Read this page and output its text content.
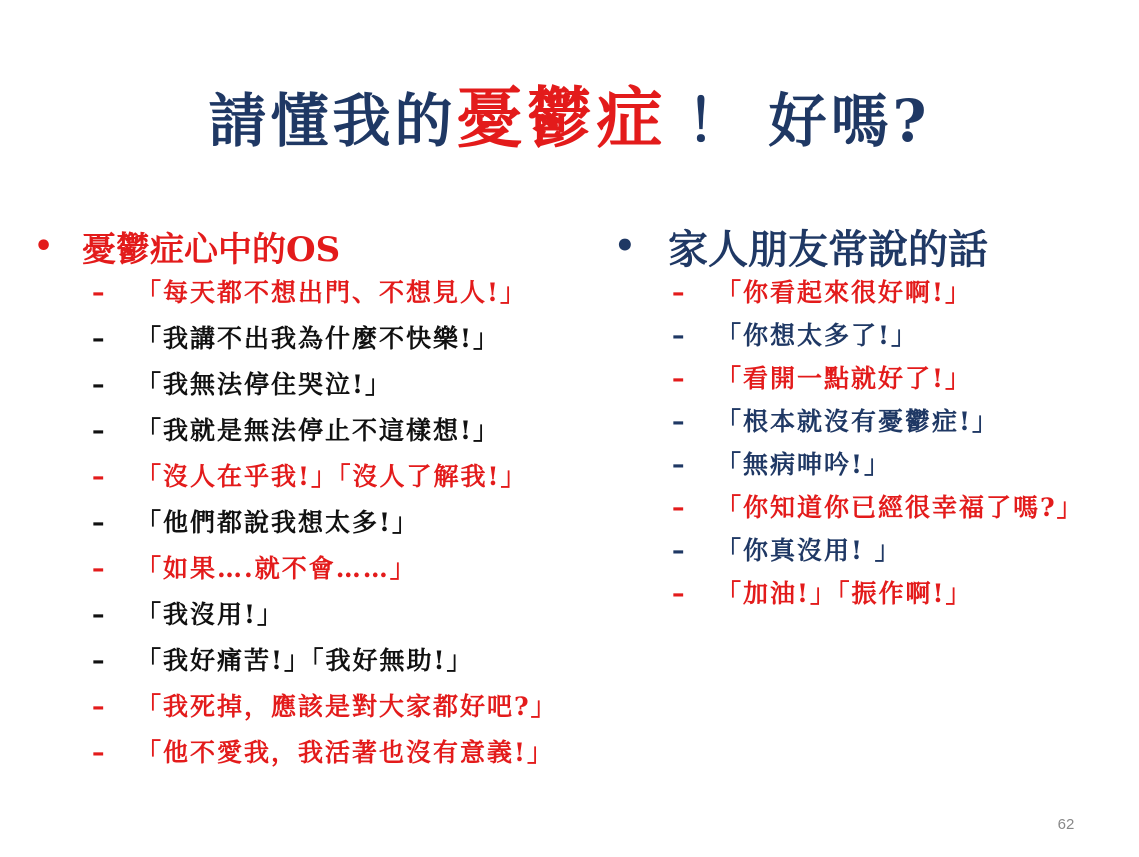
請懂我的憂鬱症 ！ 好嗎?
• 憂鬱症心中的OS
– 「每天都不想出門、不想見人!」
– 「我講不出我為什麼不快樂!」
– 「我無法停住哭泣!」
– 「我就是無法停止不這樣想!」
– 「沒人在乎我!」「沒人了解我!」
– 「他們都說我想太多!」
– 「如果….就不會……」
– 「我沒用!」
– 「我好痛苦!」「我好無助!」
– 「我死掉，應該是對大家都好吧?」
– 「他不愛我，我活著也沒有意義!」
• 家人朋友常說的話
– 「你看起來很好啊!」
– 「你想太多了!」
– 「看開一點就好了!」
– 「根本就沒有憂鬱症!」
– 「無病呻吟!」
– 「你知道你已經很幸福了嗎?」
– 「你真沒用! 」
– 「加油!」「振作啊!」
62
